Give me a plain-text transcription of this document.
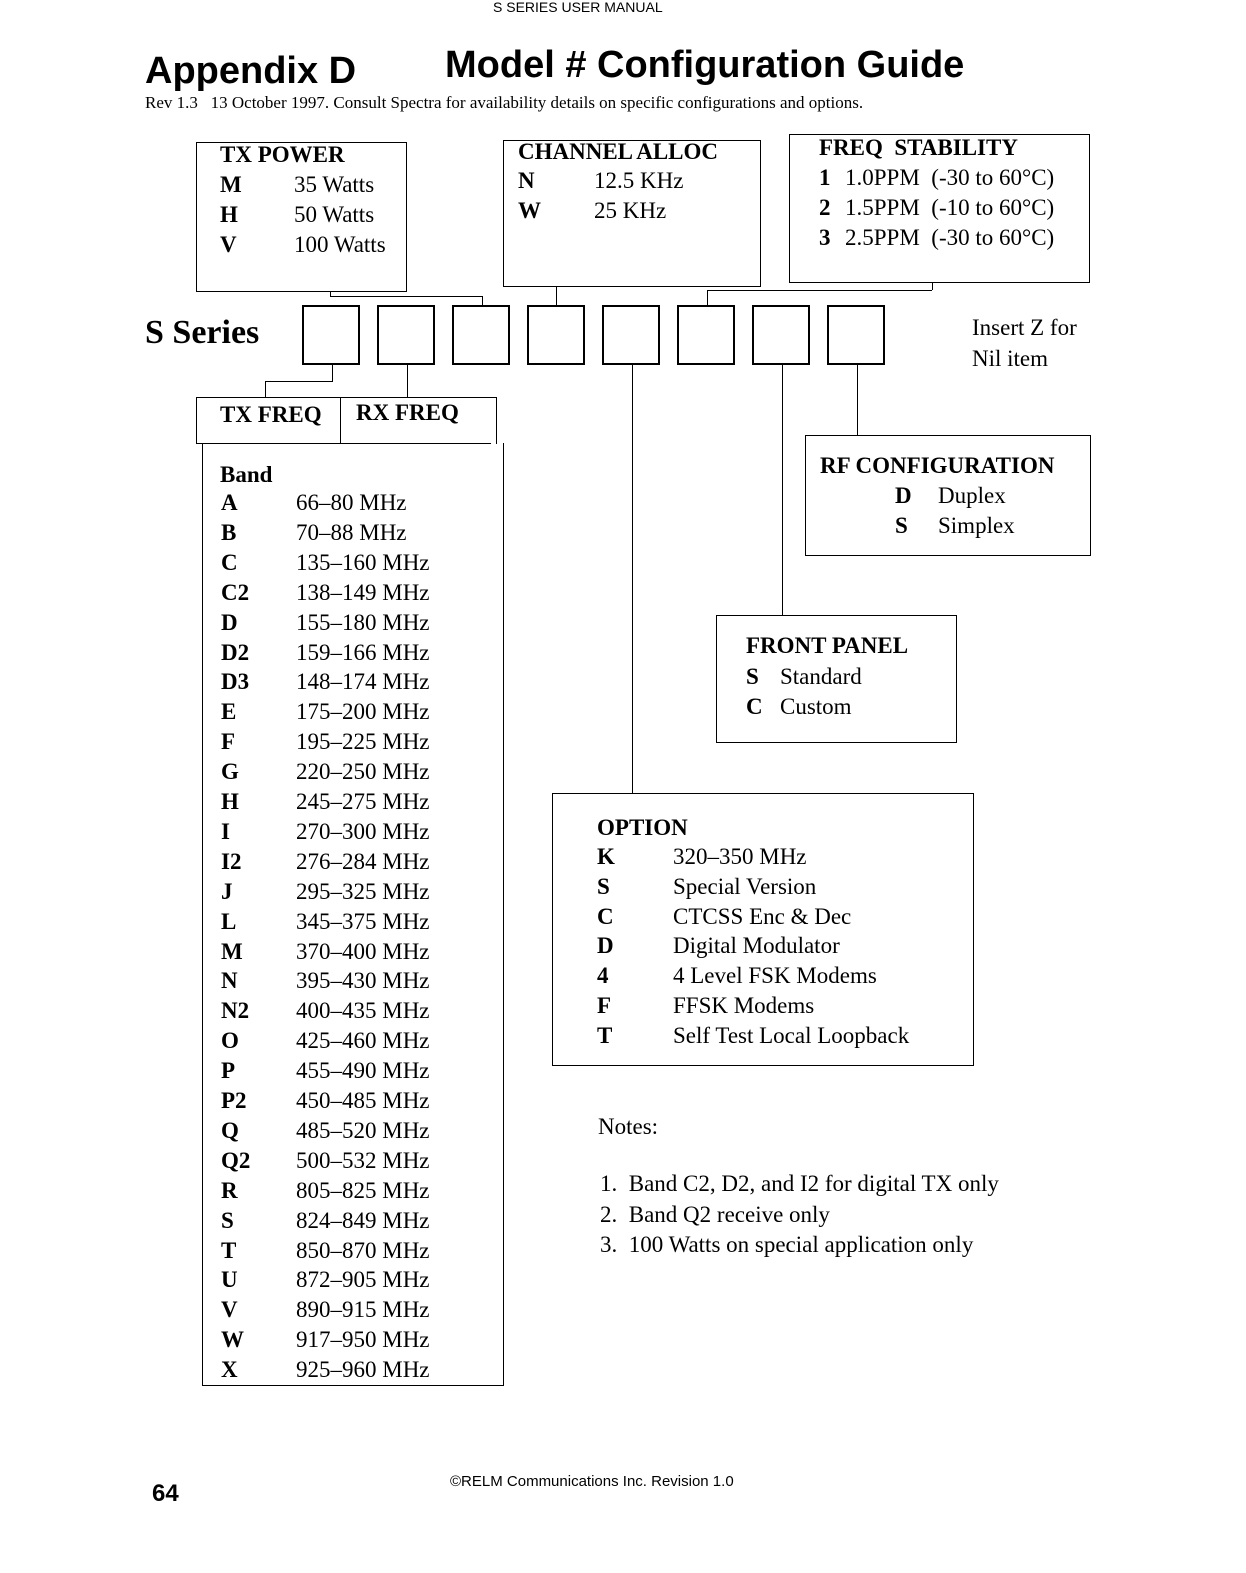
S SERIES USER MANUAL
Appendix D Model # Configuration Guide
Rev 1.3   13 October 1997. Consult Spectra for availability details on specific configurations and options.
S Series	Insert Z for
Nil item
TX FREQ RX FREQ
Band
Notes:
1.  Band C2, D2, and I2 for digital TX only
2.  Band Q2 receive only
3.  100 Watts on special application only
64	©RELM Communications Inc. Revision 1.0
TX POWER
M 35 Watts
H 50 Watts
V 100 Watts
CHANNEL ALLOC
N	12.5 KHz
W 25 KHz
FREQ  STABILITY
1 1.0PPM  (-30 to 60°C)
2 1.5PPM  (-10 to 60°C)
3 2.5PPM  (-30 to 60°C)
RF CONFIGURATION
D Duplex
S Simplex
FRONT PANEL
S Standard
C Custom
OPTION
K	320–350 MHz
S	Special Version
C	CTCSS Enc & Dec
D	Digital Modulator
4	4 Level FSK Modems
F	FFSK Modems
T	Self Test Local Loopback
A	66–80 MHz
B	70–88 MHz
C	135–160 MHz
C2 138–149 MHz
D	155–180 MHz
D2 159–166 MHz
D3 148–174 MHz
E	175–200 MHz
F	195–225 MHz
G 220–250 MHz
H 245–275 MHz
I	270–300 MHz
I2 276–284 MHz
J	295–325 MHz
L	345–375 MHz
M 370–400 MHz
N	395–430 MHz
N2 400–435 MHz
O 425–460 MHz
P	455–490 MHz
P2 450–485 MHz
Q 485–520 MHz
Q2 500–532 MHz
R	805–825 MHz
S	824–849 MHz
T	850–870 MHz
U	872–905 MHz
V	890–915 MHz
W 917–950 MHz
X	925–960 MHz
